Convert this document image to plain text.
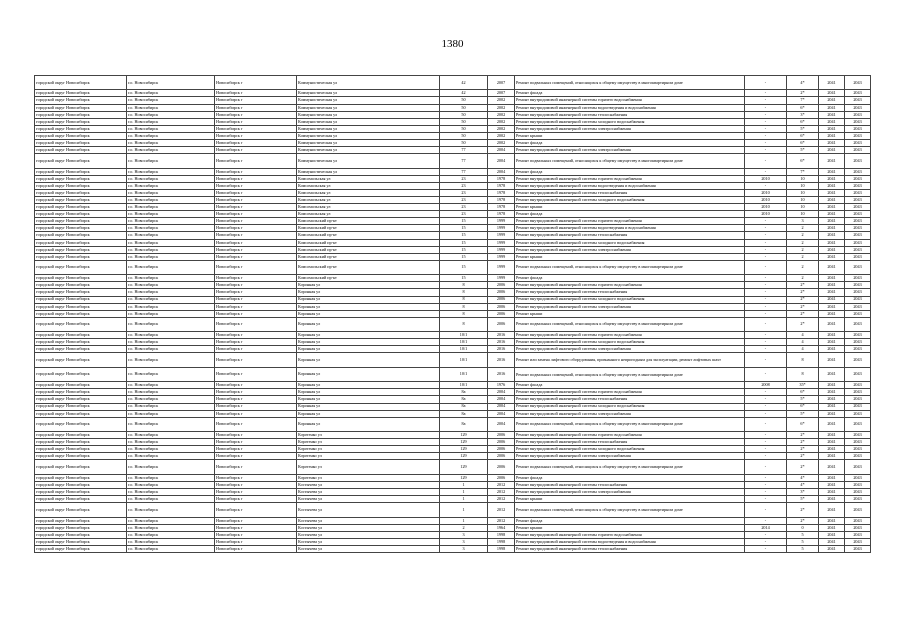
1380
городской округ Новосибирск	г.о. Новосибирск	Новосибирск г	Коммунистическая ул	42	2007	Ремонт подвальных помещений, относящихся к общему имуществу в многоквартирном доме	-	4*	2041	2043
городской округ Новосибирск	г.о. Новосибирск	Новосибирск г	Коммунистическая ул	42	2007	Ремонт фасада	-	2*	2041	2043
городской округ Новосибирск	г.о. Новосибирск	Новосибирск г	Коммунистическая ул	50	2002	Ремонт внутридомовой инженерной системы горячего водоснабжения	-	7*	2041	2043
городской округ Новосибирск	г.о. Новосибирск	Новосибирск г	Коммунистическая ул	50	2002	Ремонт внутридомовой инженерной системы водоотведения и водоснабжения	-	6*	2041	2043
городской округ Новосибирск	г.о. Новосибирск	Новосибирск г	Коммунистическая ул	50	2002	Ремонт внутридомовой инженерной системы теплоснабжения	-	3*	2041	2043
городской округ Новосибирск	г.о. Новосибирск	Новосибирск г	Коммунистическая ул	50	2002	Ремонт внутридомовой инженерной системы холодного водоснабжения	-	6*	2041	2043
городской округ Новосибирск	г.о. Новосибирск	Новосибирск г	Коммунистическая ул	50	2002	Ремонт внутридомовой инженерной системы электроснабжения	-	5*	2041	2043
городской округ Новосибирск	г.о. Новосибирск	Новосибирск г	Коммунистическая ул	50	2002	Ремонт крыши	-	6*	2041	2043
городской округ Новосибирск	г.о. Новосибирск	Новосибирск г	Коммунистическая ул	50	2002	Ремонт фасада	-	6*	2041	2043
городской округ Новосибирск	г.о. Новосибирск	Новосибирск г	Коммунистическая ул	77	2004	Ремонт внутридомовой инженерной системы электроснабжения	-	5*	2041	2043
городской округ Новосибирск	г.о. Новосибирск	Новосибирск г	Коммунистическая ул	77	2004	Ремонт подвальных помещений, относящихся к общему имуществу в многоквартирном доме	-	6*	2041	2043
городской округ Новосибирск	г.о. Новосибирск	Новосибирск г	Коммунистическая ул	77	2004	Ремонт фасада	-	7*	2041	2043
городской округ Новосибирск	г.о. Новосибирск	Новосибирск г	Комсомольская ул	23	1978	Ремонт внутридомовой инженерной системы горячего водоснабжения	2010	10	2041	2043
городской округ Новосибирск	г.о. Новосибирск	Новосибирск г	Комсомольская ул	23	1978	Ремонт внутридомовой инженерной системы водоотведения и водоснабжения	-	10	2041	2043
городской округ Новосибирск	г.о. Новосибирск	Новосибирск г	Комсомольская ул	23	1978	Ремонт внутридомовой инженерной системы теплоснабжения	2010	10	2041	2043
городской округ Новосибирск	г.о. Новосибирск	Новосибирск г	Комсомольская ул	23	1978	Ремонт внутридомовой инженерной системы холодного водоснабжения	2010	10	2041	2043
городской округ Новосибирск	г.о. Новосибирск	Новосибирск г	Комсомольская ул	23	1978	Ремонт крыши	2010	10	2041	2043
городской округ Новосибирск	г.о. Новосибирск	Новосибирск г	Комсомольская ул	23	1978	Ремонт фасада	2010	10	2041	2043
городской округ Новосибирск	г.о. Новосибирск	Новосибирск г	Комсомольский пр-кт	15	1999	Ремонт внутридомовой инженерной системы горячего водоснабжения	-	3	2041	2043
городской округ Новосибирск	г.о. Новосибирск	Новосибирск г	Комсомольский пр-кт	15	1999	Ремонт внутридомовой инженерной системы водоотведения и водоснабжения	-	2	2041	2043
городской округ Новосибирск	г.о. Новосибирск	Новосибирск г	Комсомольский пр-кт	15	1999	Ремонт внутридомовой инженерной системы теплоснабжения	-	2	2041	2043
городской округ Новосибирск	г.о. Новосибирск	Новосибирск г	Комсомольский пр-кт	15	1999	Ремонт внутридомовой инженерной системы холодного водоснабжения	-	2	2041	2043
городской округ Новосибирск	г.о. Новосибирск	Новосибирск г	Комсомольский пр-кт	15	1999	Ремонт внутридомовой инженерной системы электроснабжения	-	2	2041	2043
городской округ Новосибирск	г.о. Новосибирск	Новосибирск г	Комсомольский пр-кт	15	1999	Ремонт крыши	-	2	2041	2043
городской округ Новосибирск	г.о. Новосибирск	Новосибирск г	Комсомольский пр-кт	15	1999	Ремонт подвальных помещений, относящихся к общему имуществу в многоквартирном доме	-	2	2041	2043
городской округ Новосибирск	г.о. Новосибирск	Новосибирск г	Комсомольский пр-кт	15	1999	Ремонт фасада	-	2	2041	2043
городской округ Новосибирск	г.о. Новосибирск	Новосибирск г	Коронная ул	8	2006	Ремонт внутридомовой инженерной системы горячего водоснабжения	-	2*	2041	2043
городской округ Новосибирск	г.о. Новосибирск	Новосибирск г	Коронная ул	8	2006	Ремонт внутридомовой инженерной системы теплоснабжения	-	2*	2041	2043
городской округ Новосибирск	г.о. Новосибирск	Новосибирск г	Коронная ул	8	2006	Ремонт внутридомовой инженерной системы холодного водоснабжения	-	2*	2041	2043
городской округ Новосибирск	г.о. Новосибирск	Новосибирск г	Коронная ул	8	2006	Ремонт внутридомовой инженерной системы электроснабжения	-	2*	2041	2043
городской округ Новосибирск	г.о. Новосибирск	Новосибирск г	Коронная ул	8	2006	Ремонт крыши	-	2*	2041	2043
городской округ Новосибирск	г.о. Новосибирск	Новосибирск г	Коронная ул	8	2006	Ремонт подвальных помещений, относящихся к общему имуществу в многоквартирном доме	-	2*	2041	2043
городской округ Новосибирск	г.о. Новосибирск	Новосибирск г	Коронная ул	10/1	2016	Ремонт внутридомовой инженерной системы горячего водоснабжения	-	4	2041	2043
городской округ Новосибирск	г.о. Новосибирск	Новосибирск г	Коронная ул	10/1	2016	Ремонт внутридомовой инженерной системы холодного водоснабжения	-	4	2041	2043
городской округ Новосибирск	г.о. Новосибирск	Новосибирск г	Коронная ул	10/1	2016	Ремонт внутридомовой инженерной системы электроснабжения	-	4	2041	2043
городской округ Новосибирск	г.о. Новосибирск	Новосибирск г	Коронная ул	10/1	2016	Ремонт или замена лифтового оборудования, признанного непригодным для эксплуатации, ремонт лифтовых шахт	-	8	2041	2043
городской округ Новосибирск	г.о. Новосибирск	Новосибирск г	Коронная ул	10/1	2016	Ремонт подвальных помещений, относящихся к общему имуществу в многоквартирном доме	-	8	2041	2043
городской округ Новосибирск	г.о. Новосибирск	Новосибирск г	Коронная ул	10/1	1976	Ремонт фасада	2008	35*	2041	2043
городской округ Новосибирск	г.о. Новосибирск	Новосибирск г	Коронная ул	8а	2004	Ремонт внутридомовой инженерной системы горячего водоснабжения	-	6*	2041	2043
городской округ Новосибирск	г.о. Новосибирск	Новосибирск г	Коронная ул	8а	2004	Ремонт внутридомовой инженерной системы теплоснабжения	-	5*	2041	2043
городской округ Новосибирск	г.о. Новосибирск	Новосибирск г	Коронная ул	8а	2004	Ремонт внутридомовой инженерной системы холодного водоснабжения	-	6*	2041	2043
городской округ Новосибирск	г.о. Новосибирск	Новосибирск г	Коронная ул	8а	2004	Ремонт внутридомовой инженерной системы электроснабжения	-	5*	2041	2043
городской округ Новосибирск	г.о. Новосибирск	Новосибирск г	Коронная ул	8а	2004	Ремонт подвальных помещений, относящихся к общему имуществу в многоквартирном доме	-	6*	2041	2043
городской округ Новосибирск	г.о. Новосибирск	Новосибирск г	Коротенко ул	129	2006	Ремонт внутридомовой инженерной системы горячего водоснабжения	-	2*	2041	2043
городской округ Новосибирск	г.о. Новосибирск	Новосибирск г	Коротенко ул	129	2006	Ремонт внутридомовой инженерной системы теплоснабжения	-	2*	2041	2043
городской округ Новосибирск	г.о. Новосибирск	Новосибирск г	Коротенко ул	129	2006	Ремонт внутридомовой инженерной системы холодного водоснабжения	-	2*	2041	2043
городской округ Новосибирск	г.о. Новосибирск	Новосибирск г	Коротенко ул	129	2006	Ремонт внутридомовой инженерной системы электроснабжения	-	2*	2041	2043
городской округ Новосибирск	г.о. Новосибирск	Новосибирск г	Коротенко ул	129	2006	Ремонт подвальных помещений, относящихся к общему имуществу в многоквартирном доме	-	2*	2041	2043
городской округ Новосибирск	г.о. Новосибирск	Новосибирск г	Коротенко ул	129	2006	Ремонт фасада	-	4*	2041	2043
городской округ Новосибирск	г.о. Новосибирск	Новосибирск г	Костычева ул	1	2012	Ремонт внутридомовой инженерной системы теплоснабжения	-	4*	2041	2043
городской округ Новосибирск	г.о. Новосибирск	Новосибирск г	Костычева ул	1	2012	Ремонт внутридомовой инженерной системы электроснабжения	-	3*	2041	2043
городской округ Новосибирск	г.о. Новосибирск	Новосибирск г	Костычева ул	1	2012	Ремонт крыши	-	5*	2041	2043
городской округ Новосибирск	г.о. Новосибирск	Новосибирск г	Костычева ул	1	2012	Ремонт подвальных помещений, относящихся к общему имуществу в многоквартирном доме	-	2*	2041	2043
городской округ Новосибирск	г.о. Новосибирск	Новосибирск г	Костычева ул	1	2012	Ремонт фасада	-	2*	2041	2043
городской округ Новосибирск	г.о. Новосибирск	Новосибирск г	Костычева ул	2	1964	Ремонт крыши	2014	0	2041	2043
городской округ Новосибирск	г.о. Новосибирск	Новосибирск г	Костычева ул	3	1998	Ремонт внутридомовой инженерной системы горячего водоснабжения	-	5	2041	2043
городской округ Новосибирск	г.о. Новосибирск	Новосибирск г	Костычева ул	3	1998	Ремонт внутридомовой инженерной системы водоотведения и водоснабжения	-	5	2041	2043
городской округ Новосибирск	г.о. Новосибирск	Новосибирск г	Костычева ул	3	1998	Ремонт внутридомовой инженерной системы теплоснабжения	-	5	2041	2043
